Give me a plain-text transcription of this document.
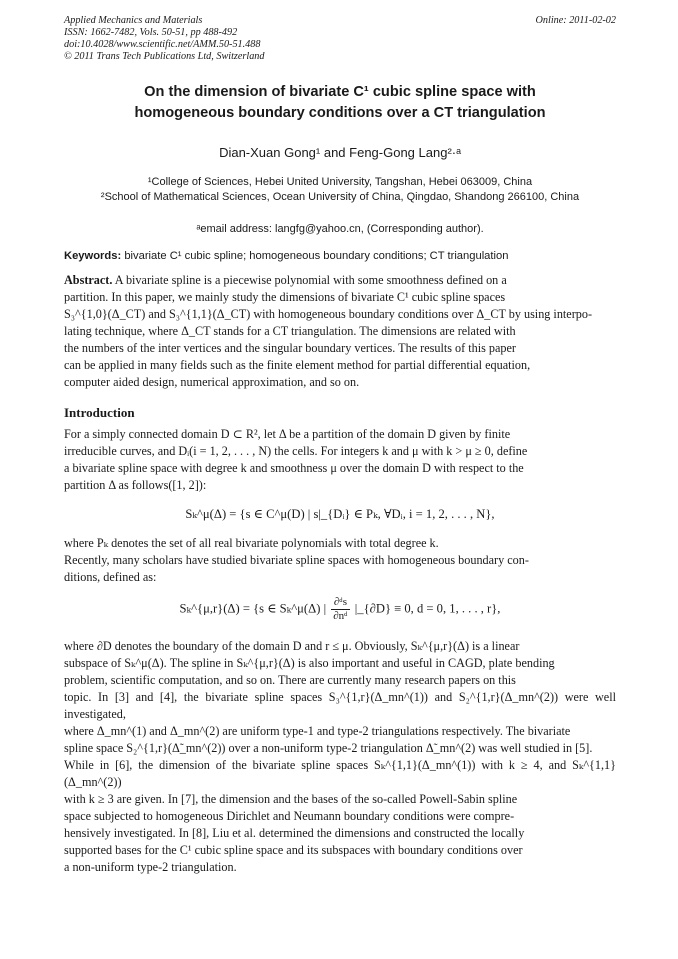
Applied Mechanics and Materials
ISSN: 1662-7482, Vols. 50-51, pp 488-492
doi:10.4028/www.scientific.net/AMM.50-51.488
© 2011 Trans Tech Publications Ltd, Switzerland
Online: 2011-02-02
On the dimension of bivariate C¹ cubic spline space with
homogeneous boundary conditions over a CT triangulation
Dian-Xuan Gong¹ and Feng-Gong Lang²·ᵃ
¹College of Sciences, Hebei United University, Tangshan, Hebei 063009, China
²School of Mathematical Sciences, Ocean University of China, Qingdao, Shandong 266100, China
ᵃemail address: langfg@yahoo.cn, (Corresponding author).
Keywords: bivariate C¹ cubic spline; homogeneous boundary conditions; CT triangulation
Abstract. A bivariate spline is a piecewise polynomial with some smoothness defined on a
partition. In this paper, we mainly study the dimensions of bivariate C¹ cubic spline spaces
S₃^{1,0}(Δ_CT) and S₃^{1,1}(Δ_CT) with homogeneous boundary conditions over Δ_CT by using interpo-
lating technique, where Δ_CT stands for a CT triangulation. The dimensions are related with
the numbers of the inter vertices and the singular boundary vertices. The results of this paper
can be applied in many fields such as the finite element method for partial differential equation,
computer aided design, numerical approximation, and so on.
Introduction
For a simply connected domain D ⊂ R², let Δ be a partition of the domain D given by finite
irreducible curves, and Dᵢ(i = 1, 2, . . . , N) the cells. For integers k and μ with k > μ ≥ 0, define
a bivariate spline space with degree k and smoothness μ over the domain D with respect to the
partition Δ as follows([1, 2]):
Sₖ^μ(Δ) = {s ∈ C^μ(D) | s|_{Dᵢ} ∈ Pₖ, ∀Dᵢ, i = 1, 2, . . . , N},
where Pₖ denotes the set of all real bivariate polynomials with total degree k.
Recently, many scholars have studied bivariate spline spaces with homogeneous boundary con-
ditions, defined as:
Sₖ^{μ,r}(Δ) = {s ∈ Sₖ^μ(Δ) | $\frac{\text{∂ᵈs}}{\text{∂nᵈ}}$ |_{∂D} ≡ 0, d = 0, 1, . . . , r},
where ∂D denotes the boundary of the domain D and r ≤ μ. Obviously, Sₖ^{μ,r}(Δ) is a linear
subspace of Sₖ^μ(Δ). The spline in Sₖ^{μ,r}(Δ) is also important and useful in CAGD, plate bending
problem, scientific computation, and so on. There are currently many research papers on this
topic. In [3] and [4], the bivariate spline spaces S₃^{1,r}(Δ_mn^(1)) and S₂^{1,r}(Δ_mn^(2)) were well investigated,
where Δ_mn^(1) and Δ_mn^(2) are uniform type-1 and type-2 triangulations respectively. The bivariate
spline space S₂^{1,r}(Δ̃_mn^(2)) over a non-uniform type-2 triangulation Δ̃_mn^(2) was well studied in [5].
While in [6], the dimension of the bivariate spline spaces Sₖ^{1,1}(Δ_mn^(1)) with k ≥ 4, and Sₖ^{1,1}(Δ_mn^(2))
with k ≥ 3 are given. In [7], the dimension and the bases of the so-called Powell-Sabin spline
space subjected to homogeneous Dirichlet and Neumann boundary conditions were compre-
hensively investigated. In [8], Liu et al. determined the dimensions and constructed the locally
supported bases for the C¹ cubic spline space and its subspaces with boundary conditions over
a non-uniform type-2 triangulation.
